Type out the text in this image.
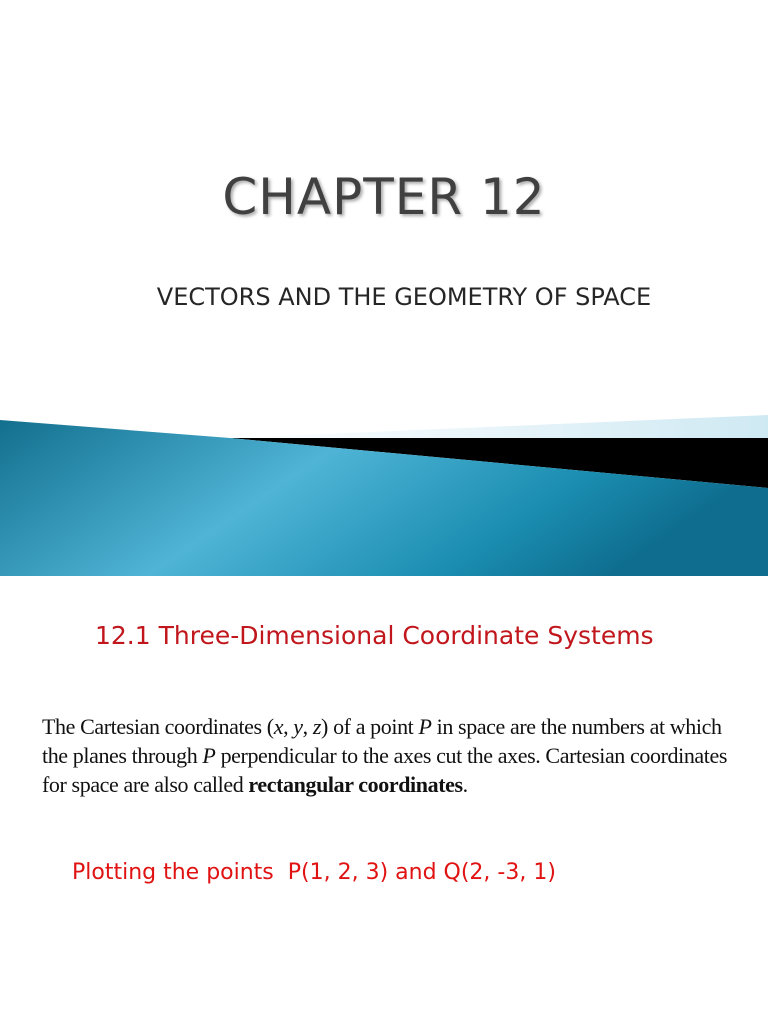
CHAPTER 12
VECTORS AND THE GEOMETRY OF SPACE
12.1 Three-Dimensional Coordinate Systems

The Cartesian coordinates (x, y, z) of a point P in space are the numbers at which the planes through P perpendicular to the axes cut the axes. Cartesian coordinates for space are also called rectangular coordinates.

Plotting the points  P(1, 2, 3) and Q(2, -3, 1)
